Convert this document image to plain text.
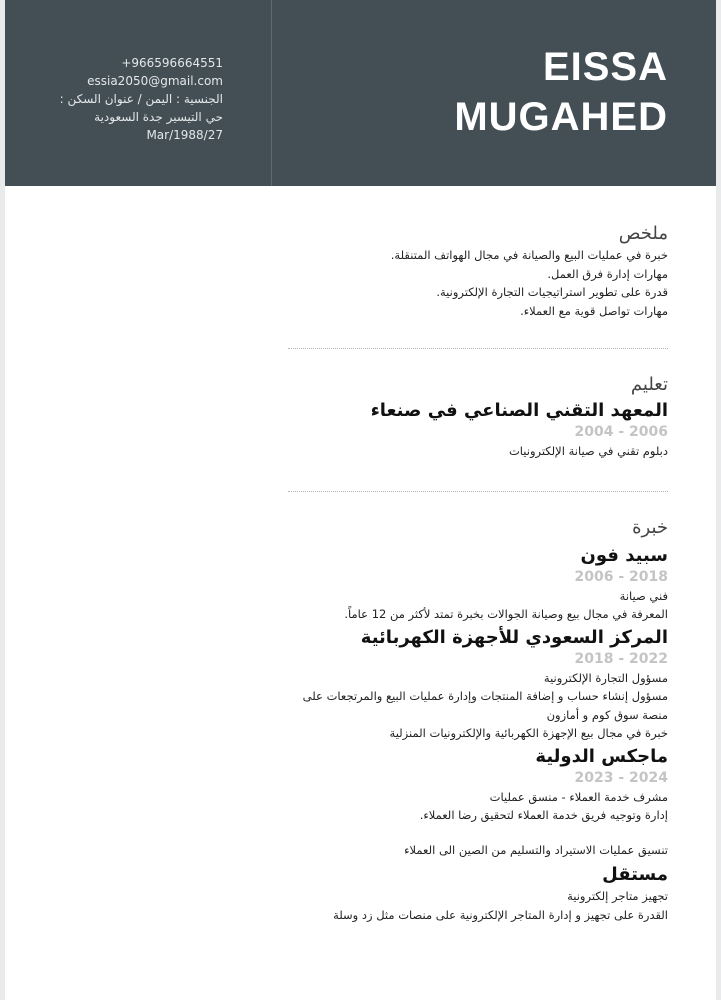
+966596664551
essia2050@gmail.com
الجنسية : اليمن / عنوان السكن : حي التيسير جدة السعودية
Mar/1988/27
EISSA
MUGAHED
ملخص
خبرة في عمليات البيع والصيانة في مجال الهواتف المتنقلة.
مهارات إدارة فرق العمل.
قدرة على تطوير استراتيجيات التجارة الإلكترونية.
مهارات تواصل قوية مع العملاء.
تعليم
المعهد التقني الصناعي في صنعاء
2004 - 2006
دبلوم تقني في صيانة الإلكترونيات
خبرة
سبيد فون
2006 - 2018
فني صيانة
المعرفة في مجال بيع وصيانة الجوالات بخبرة تمتد لأكثر من 12 عاماً.
المركز السعودي للأجهزة الكهربائية
2018 - 2022
مسؤول التجارة الإلكترونية
مسؤول إنشاء حساب و إضافة المنتجات وإدارة عمليات البيع والمرتجعات على منصة سوق كوم و أمازون
خبرة في مجال بيع الإجهزة الكهربائية والإلكترونيات المنزلية
ماجكس الدولية
2023 - 2024
مشرف خدمة العملاء - منسق عمليات
إدارة وتوجيه فريق خدمة العملاء لتحقيق رضا العملاء.
تنسيق عمليات الاستيراد والتسليم من الصين الى العملاء
مستقل
تجهيز متاجر إلكترونية
القدرة على تجهيز و إدارة المتاجر الإلكترونية على منصات مثل زد وسلة
